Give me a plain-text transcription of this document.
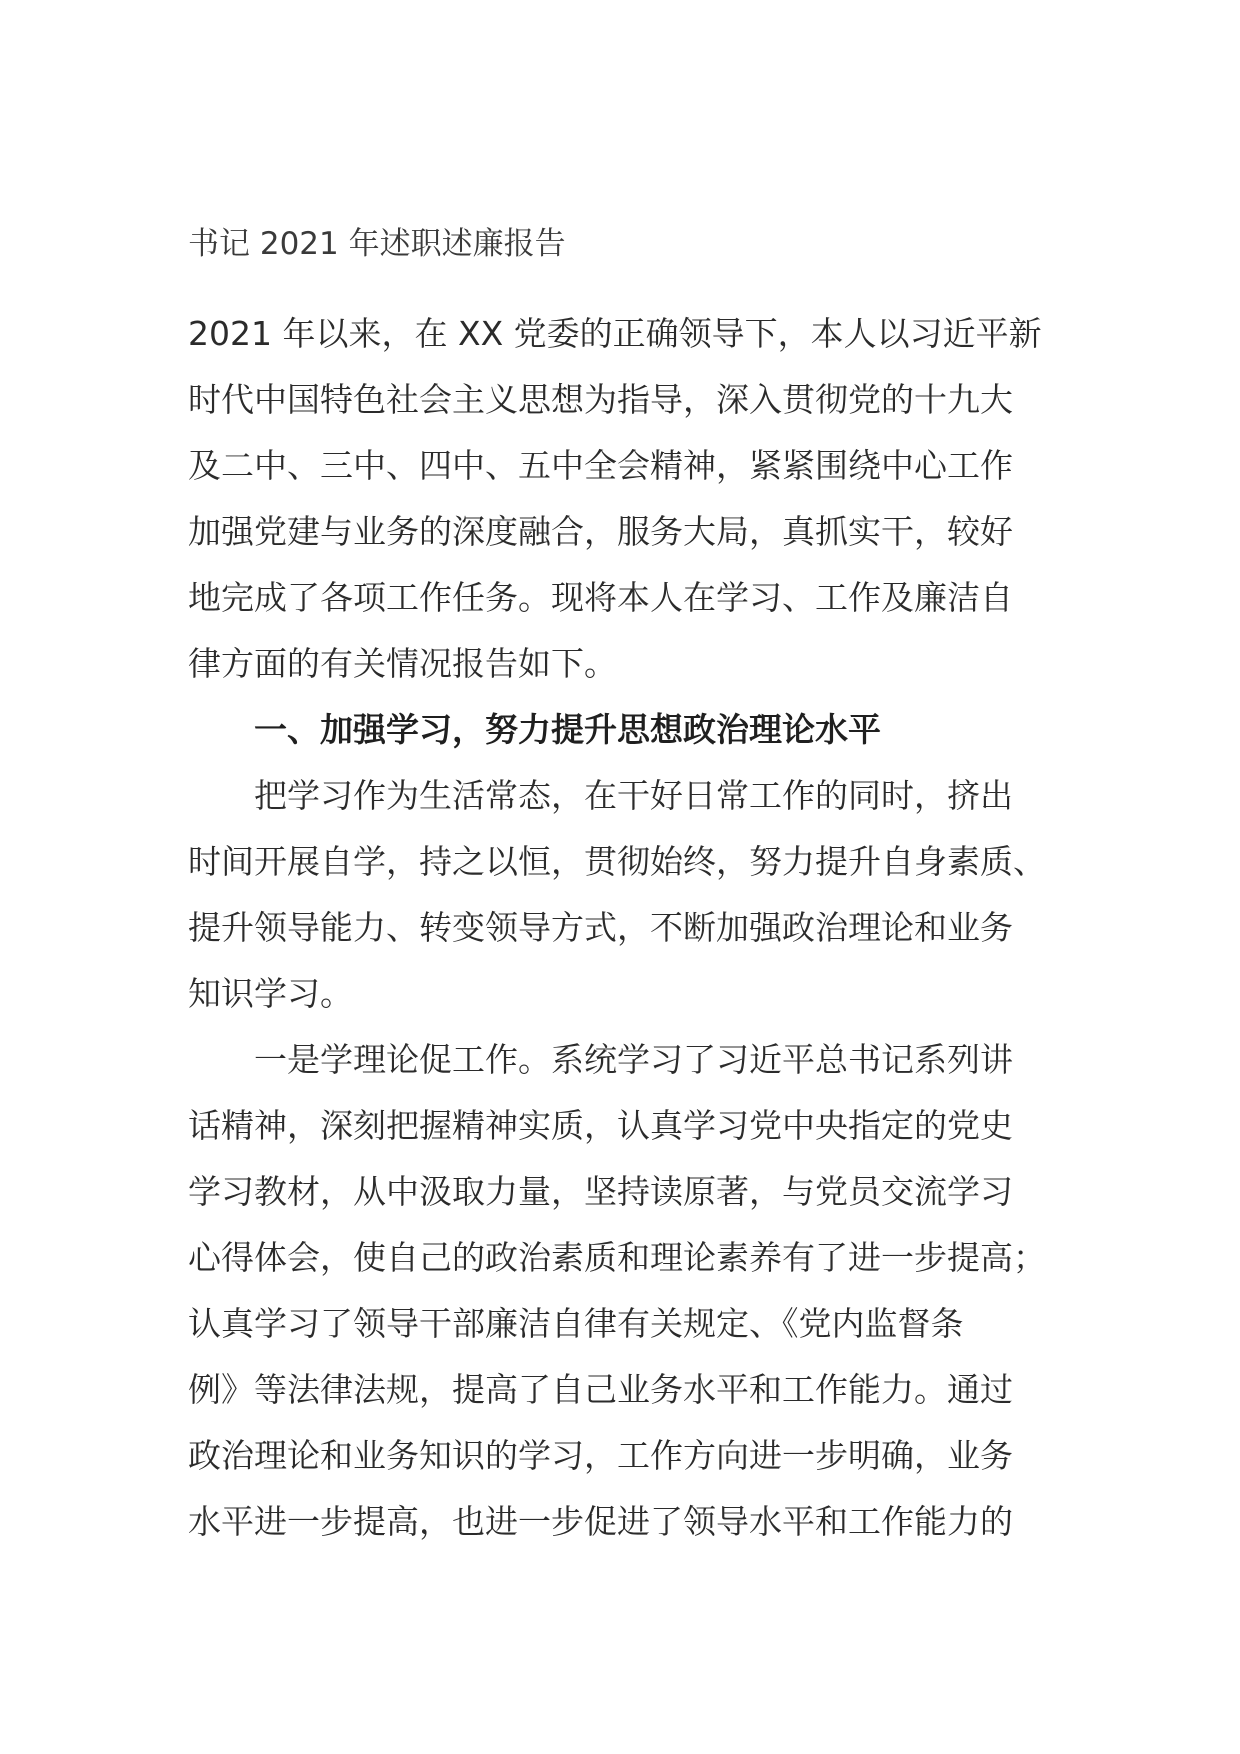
书记 2021 年述职述廉报告
2021 年以来，在 XX 党委的正确领导下，本人以习近平新
时代中国特色社会主义思想为指导，深入贯彻党的十九大
及二中、三中、四中、五中全会精神，紧紧围绕中心工作
加强党建与业务的深度融合，服务大局，真抓实干，较好
地完成了各项工作任务。现将本人在学习、工作及廉洁自
律方面的有关情况报告如下。
一、加强学习，努力提升思想政治理论水平
把学习作为生活常态，在干好日常工作的同时，挤出
时间开展自学，持之以恒，贯彻始终，努力提升自身素质、
提升领导能力、转变领导方式，不断加强政治理论和业务
知识学习。
一是学理论促工作。系统学习了习近平总书记系列讲
话精神，深刻把握精神实质，认真学习党中央指定的党史
学习教材，从中汲取力量，坚持读原著，与党员交流学习
心得体会，使自己的政治素质和理论素养有了进一步提高；
认真学习了领导干部廉洁自律有关规定、《党内监督条
例》等法律法规，提高了自己业务水平和工作能力。通过
政治理论和业务知识的学习，工作方向进一步明确，业务
水平进一步提高，也进一步促进了领导水平和工作能力的
